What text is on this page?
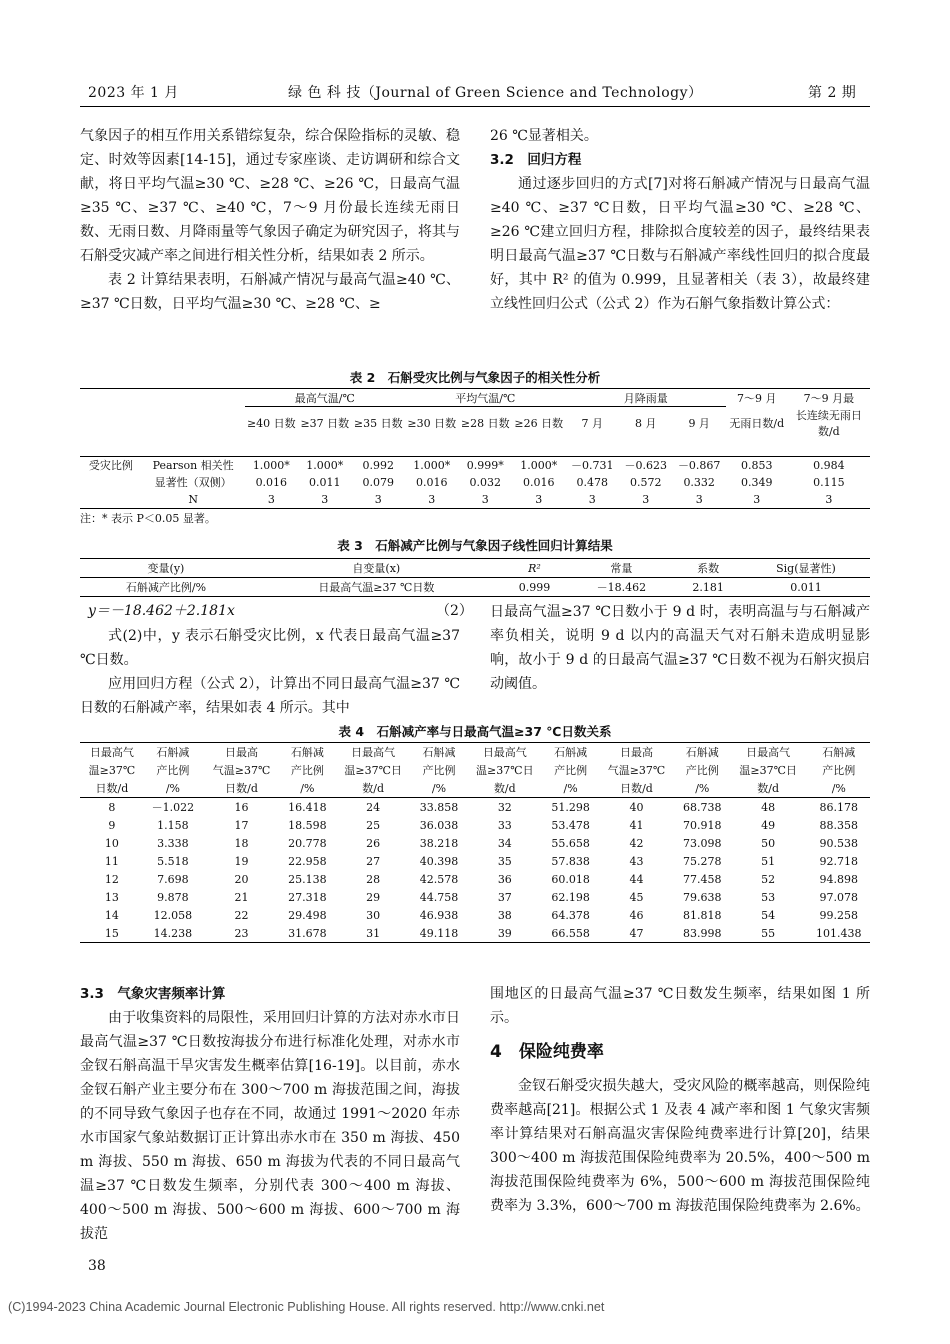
2023 年 1 月	绿 色 科 技（Journal of Green Science and Technology）	第 2 期

气象因子的相互作用关系错综复杂，综合保险指标的灵敏、稳定、时效等因素[14-15]，通过专家座谈、走访调研和综合文献，将日平均气温≥30 ℃、≥28 ℃、≥26 ℃，日最高气温≥35 ℃、≥37 ℃、≥40 ℃，7～9 月份最长连续无雨日数、无雨日数、月降雨量等气象因子确定为研究因子，将其与石斛受灾减产率之间进行相关性分析，结果如表 2 所示。

表 2 计算结果表明，石斛减产情况与最高气温≥40 ℃、≥37 ℃日数，日平均气温≥30 ℃、≥28 ℃、≥

26 ℃显著相关。

3.2　回归方程

通过逐步回归的方式[7]对将石斛减产情况与日最高气温≥40 ℃、≥37 ℃日数，日平均气温≥30 ℃、≥28 ℃、≥26 ℃建立回归方程，排除拟合度较差的因子，最终结果表明日最高气温≥37 ℃日数与石斛减产率线性回归的拟合度最好，其中 R² 的值为 0.999，且显著相关（表 3），故最终建立线性回归公式（公式 2）作为石斛气象指数计算公式：

表 2　石斛受灾比例与气象因子的相关性分析
		最高气温/℃			平均气温/℃			月降雨量			7～9 月	7～9 月最
		≥40 日数	≥37 日数	≥35 日数	≥30 日数	≥28 日数	≥26 日数	7 月	8 月	9 月	无雨日数/d	长连续无雨日数/d

受灾比例	Pearson 相关性	1.000*	1.000*	0.992	1.000*	0.999*	1.000*	－0.731	－0.623	－0.867	0.853	0.984
	显著性（双侧）	0.016	0.011	0.079	0.016	0.032	0.016	0.478	0.572	0.332	0.349	0.115
	N	3	3	3	3	3	3	3	3	3	3	3
注：* 表示 P＜0.05 显著。
表 3　石斛减产比例与气象因子线性回归计算结果
变量(y)	自变量(x)	R²	常量	系数	Sig(显著性)
石斛减产比例/%	日最高气温≥37 ℃日数	0.999	－18.462	2.181	0.011
y＝－18.462＋2.181x	（2）

式(2)中，y 表示石斛受灾比例，x 代表日最高气温≥37 ℃日数。

应用回归方程（公式 2），计算出不同日最高气温≥37 ℃日数的石斛减产率，结果如表 4 所示。其中

日最高气温≥37 ℃日数小于 9 d 时，表明高温与与石斛减产率负相关，说明 9 d 以内的高温天气对石斛未造成明显影响，故小于 9 d 的日最高气温≥37 ℃日数不视为石斛灾损启动阈值。

表 4　石斛减产率与日最高气温≥37 ℃日数关系
日最高气	石斛减	日最高	石斛减	日最高气	石斛减	日最高气	石斛减	日最高	石斛减	日最高气	石斛减
温≥37℃	产比例	气温≥37℃	产比例	温≥37℃日	产比例	温≥37℃日	产比例	气温≥37℃	产比例	温≥37℃日	产比例
日数/d	/%	日数/d	/%	数/d	/%	数/d	/%	日数/d	/%	数/d	/%
8	－1.022	16	16.418	24	33.858	32	51.298	40	68.738	48	86.178
9	1.158	17	18.598	25	36.038	33	53.478	41	70.918	49	88.358
10	3.338	18	20.778	26	38.218	34	55.658	42	73.098	50	90.538
11	5.518	19	22.958	27	40.398	35	57.838	43	75.278	51	92.718
12	7.698	20	25.138	28	42.578	36	60.018	44	77.458	52	94.898
13	9.878	21	27.318	29	44.758	37	62.198	45	79.638	53	97.078
14	12.058	22	29.498	30	46.938	38	64.378	46	81.818	54	99.258
15	14.238	23	31.678	31	49.118	39	66.558	47	83.998	55	101.438

3.3　气象灾害频率计算

由于收集资料的局限性，采用回归计算的方法对赤水市日最高气温≥37 ℃日数按海拔分布进行标准化处理，对赤水市金钗石斛高温干旱灾害发生概率估算[16-19]。以目前，赤水金钗石斛产业主要分布在 300～700 m 海拔范围之间，海拔的不同导致气象因子也存在不同，故通过 1991～2020 年赤水市国家气象站数据订正计算出赤水市在 350 m 海拔、450 m 海拔、550 m 海拔、650 m 海拔为代表的不同日最高气温≥37 ℃日数发生频率，分别代表 300～400 m 海拔、400～500 m 海拔、500～600 m 海拔、600～700 m 海拔范

围地区的日最高气温≥37 ℃日数发生频率，结果如图 1 所示。

4　保险纯费率

金钗石斛受灾损失越大，受灾风险的概率越高，则保险纯费率越高[21]。根据公式 1 及表 4 减产率和图 1 气象灾害频率计算结果对石斛高温灾害保险纯费率进行计算[20]，结果 300～400 m 海拔范围保险纯费率为 20.5%，400～500 m 海拔范围保险纯费率为 6%，500～600 m 海拔范围保险纯费率为 3.3%，600～700 m 海拔范围保险纯费率为 2.6%。

38
(C)1994-2023 China Academic Journal Electronic Publishing House. All rights reserved. http://www.cnki.net
